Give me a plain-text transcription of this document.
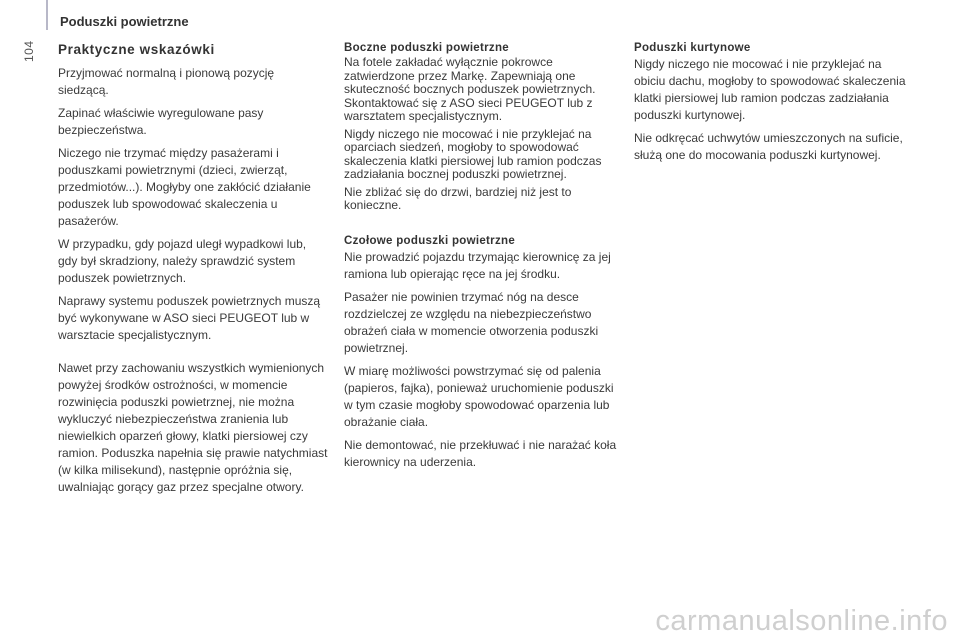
104
Poduszki powietrzne
Praktyczne wskazówki

Przyjmować normalną i pionową pozycję siedzącą.

Zapinać właściwie wyregulowane pasy bezpieczeństwa.

Niczego nie trzymać między pasażerami i poduszkami powietrznymi (dzieci, zwierząt, przedmiotów...). Mogłyby one zakłócić działanie poduszek lub spowodować skaleczenia u pasażerów.

W przypadku, gdy pojazd uległ wypadkowi lub, gdy był skradziony, należy sprawdzić system poduszek powietrznych.

Naprawy systemu poduszek powietrznych muszą być wykonywane w ASO sieci PEUGEOT lub w warsztacie specjalistycznym.

Nawet przy zachowaniu wszystkich wymienionych powyżej środków ostrożności, w momencie rozwinięcia poduszki powietrznej, nie można wykluczyć niebezpieczeństwa zranienia lub niewielkich oparzeń głowy, klatki piersiowej czy ramion. Poduszka napełnia się prawie natychmiast (w kilka milisekund), następnie opróżnia się, uwalniając gorący gaz przez specjalne otwory.

Boczne poduszki powietrzne

Na fotele zakładać wyłącznie pokrowce zatwierdzone przez Markę. Zapewniają one skuteczność bocznych poduszek powietrznych. Skontaktować się z ASO sieci PEUGEOT lub z warsztatem specjalistycznym.

Nigdy niczego nie mocować i nie przyklejać na oparciach siedzeń, mogłoby to spowodować skaleczenia klatki piersiowej lub ramion podczas zadziałania bocznej poduszki powietrznej.

Nie zbliżać się do drzwi, bardziej niż jest to konieczne.

Czołowe poduszki powietrzne

Nie prowadzić pojazdu trzymając kierownicę za jej ramiona lub opierając ręce na jej środku.

Pasażer nie powinien trzymać nóg na desce rozdzielczej ze względu na niebezpieczeństwo obrażeń ciała w momencie otworzenia poduszki powietrznej.

W miarę możliwości powstrzymać się od palenia (papieros, fajka), ponieważ uruchomienie poduszki w tym czasie mogłoby spowodować oparzenia lub obrażanie ciała.

Nie demontować, nie przekłuwać i nie narażać koła kierownicy na uderzenia.

Poduszki kurtynowe

Nigdy niczego nie mocować i nie przyklejać na obiciu dachu, mogłoby to spowodować skaleczenia klatki piersiowej lub ramion podczas zadziałania poduszki kurtynowej.

Nie odkręcać uchwytów umieszczonych na suficie, służą one do mocowania poduszki kurtynowej.

carmanualsonline.info
